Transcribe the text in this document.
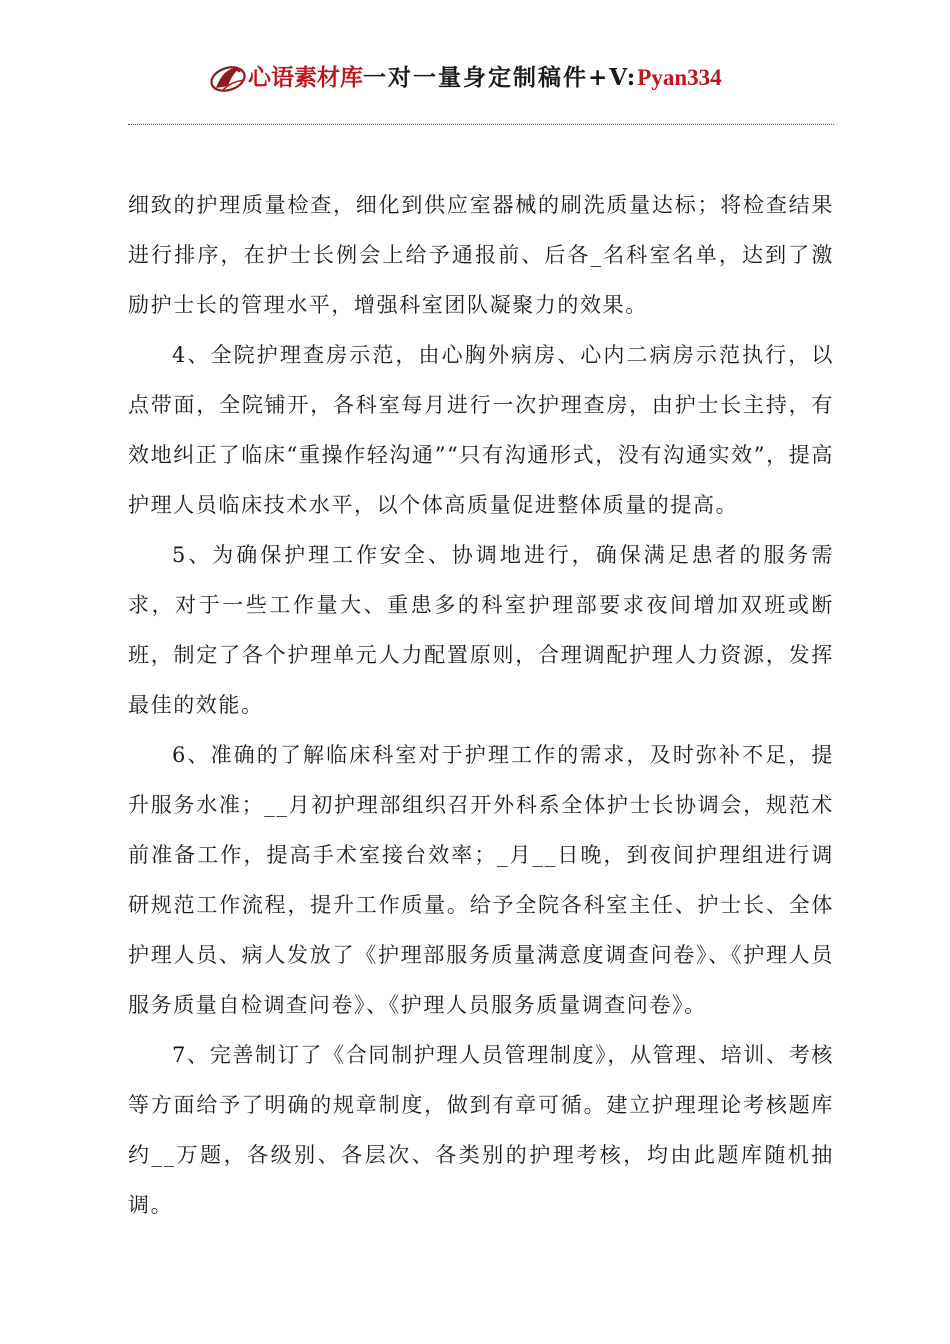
心语素材库一对一量身定制稿件+V:Pyan334

细致的护理质量检查，细化到供应室器械的刷洗质量达标；将检查结果进行排序，在护士长例会上给予通报前、后各_名科室名单，达到了激励护士长的管理水平，增强科室团队凝聚力的效果。

4、全院护理查房示范，由心胸外病房、心内二病房示范执行，以点带面，全院铺开，各科室每月进行一次护理查房，由护士长主持，有效地纠正了临床“重操作轻沟通”“只有沟通形式，没有沟通实效”，提高护理人员临床技术水平，以个体高质量促进整体质量的提高。

5、为确保护理工作安全、协调地进行，确保满足患者的服务需求，对于一些工作量大、重患多的科室护理部要求夜间增加双班或断班，制定了各个护理单元人力配置原则，合理调配护理人力资源，发挥最佳的效能。

6、准确的了解临床科室对于护理工作的需求，及时弥补不足，提升服务水准；__月初护理部组织召开外科系全体护士长协调会，规范术前准备工作，提高手术室接台效率；_月__日晚，到夜间护理组进行调研规范工作流程，提升工作质量。给予全院各科室主任、护士长、全体护理人员、病人发放了《护理部服务质量满意度调查问卷》、《护理人员服务质量自检调查问卷》、《护理人员服务质量调查问卷》。

7、完善制订了《合同制护理人员管理制度》，从管理、培训、考核等方面给予了明确的规章制度，做到有章可循。建立护理理论考核题库约__万题，各级别、各层次、各类别的护理考核，均由此题库随机抽调。
